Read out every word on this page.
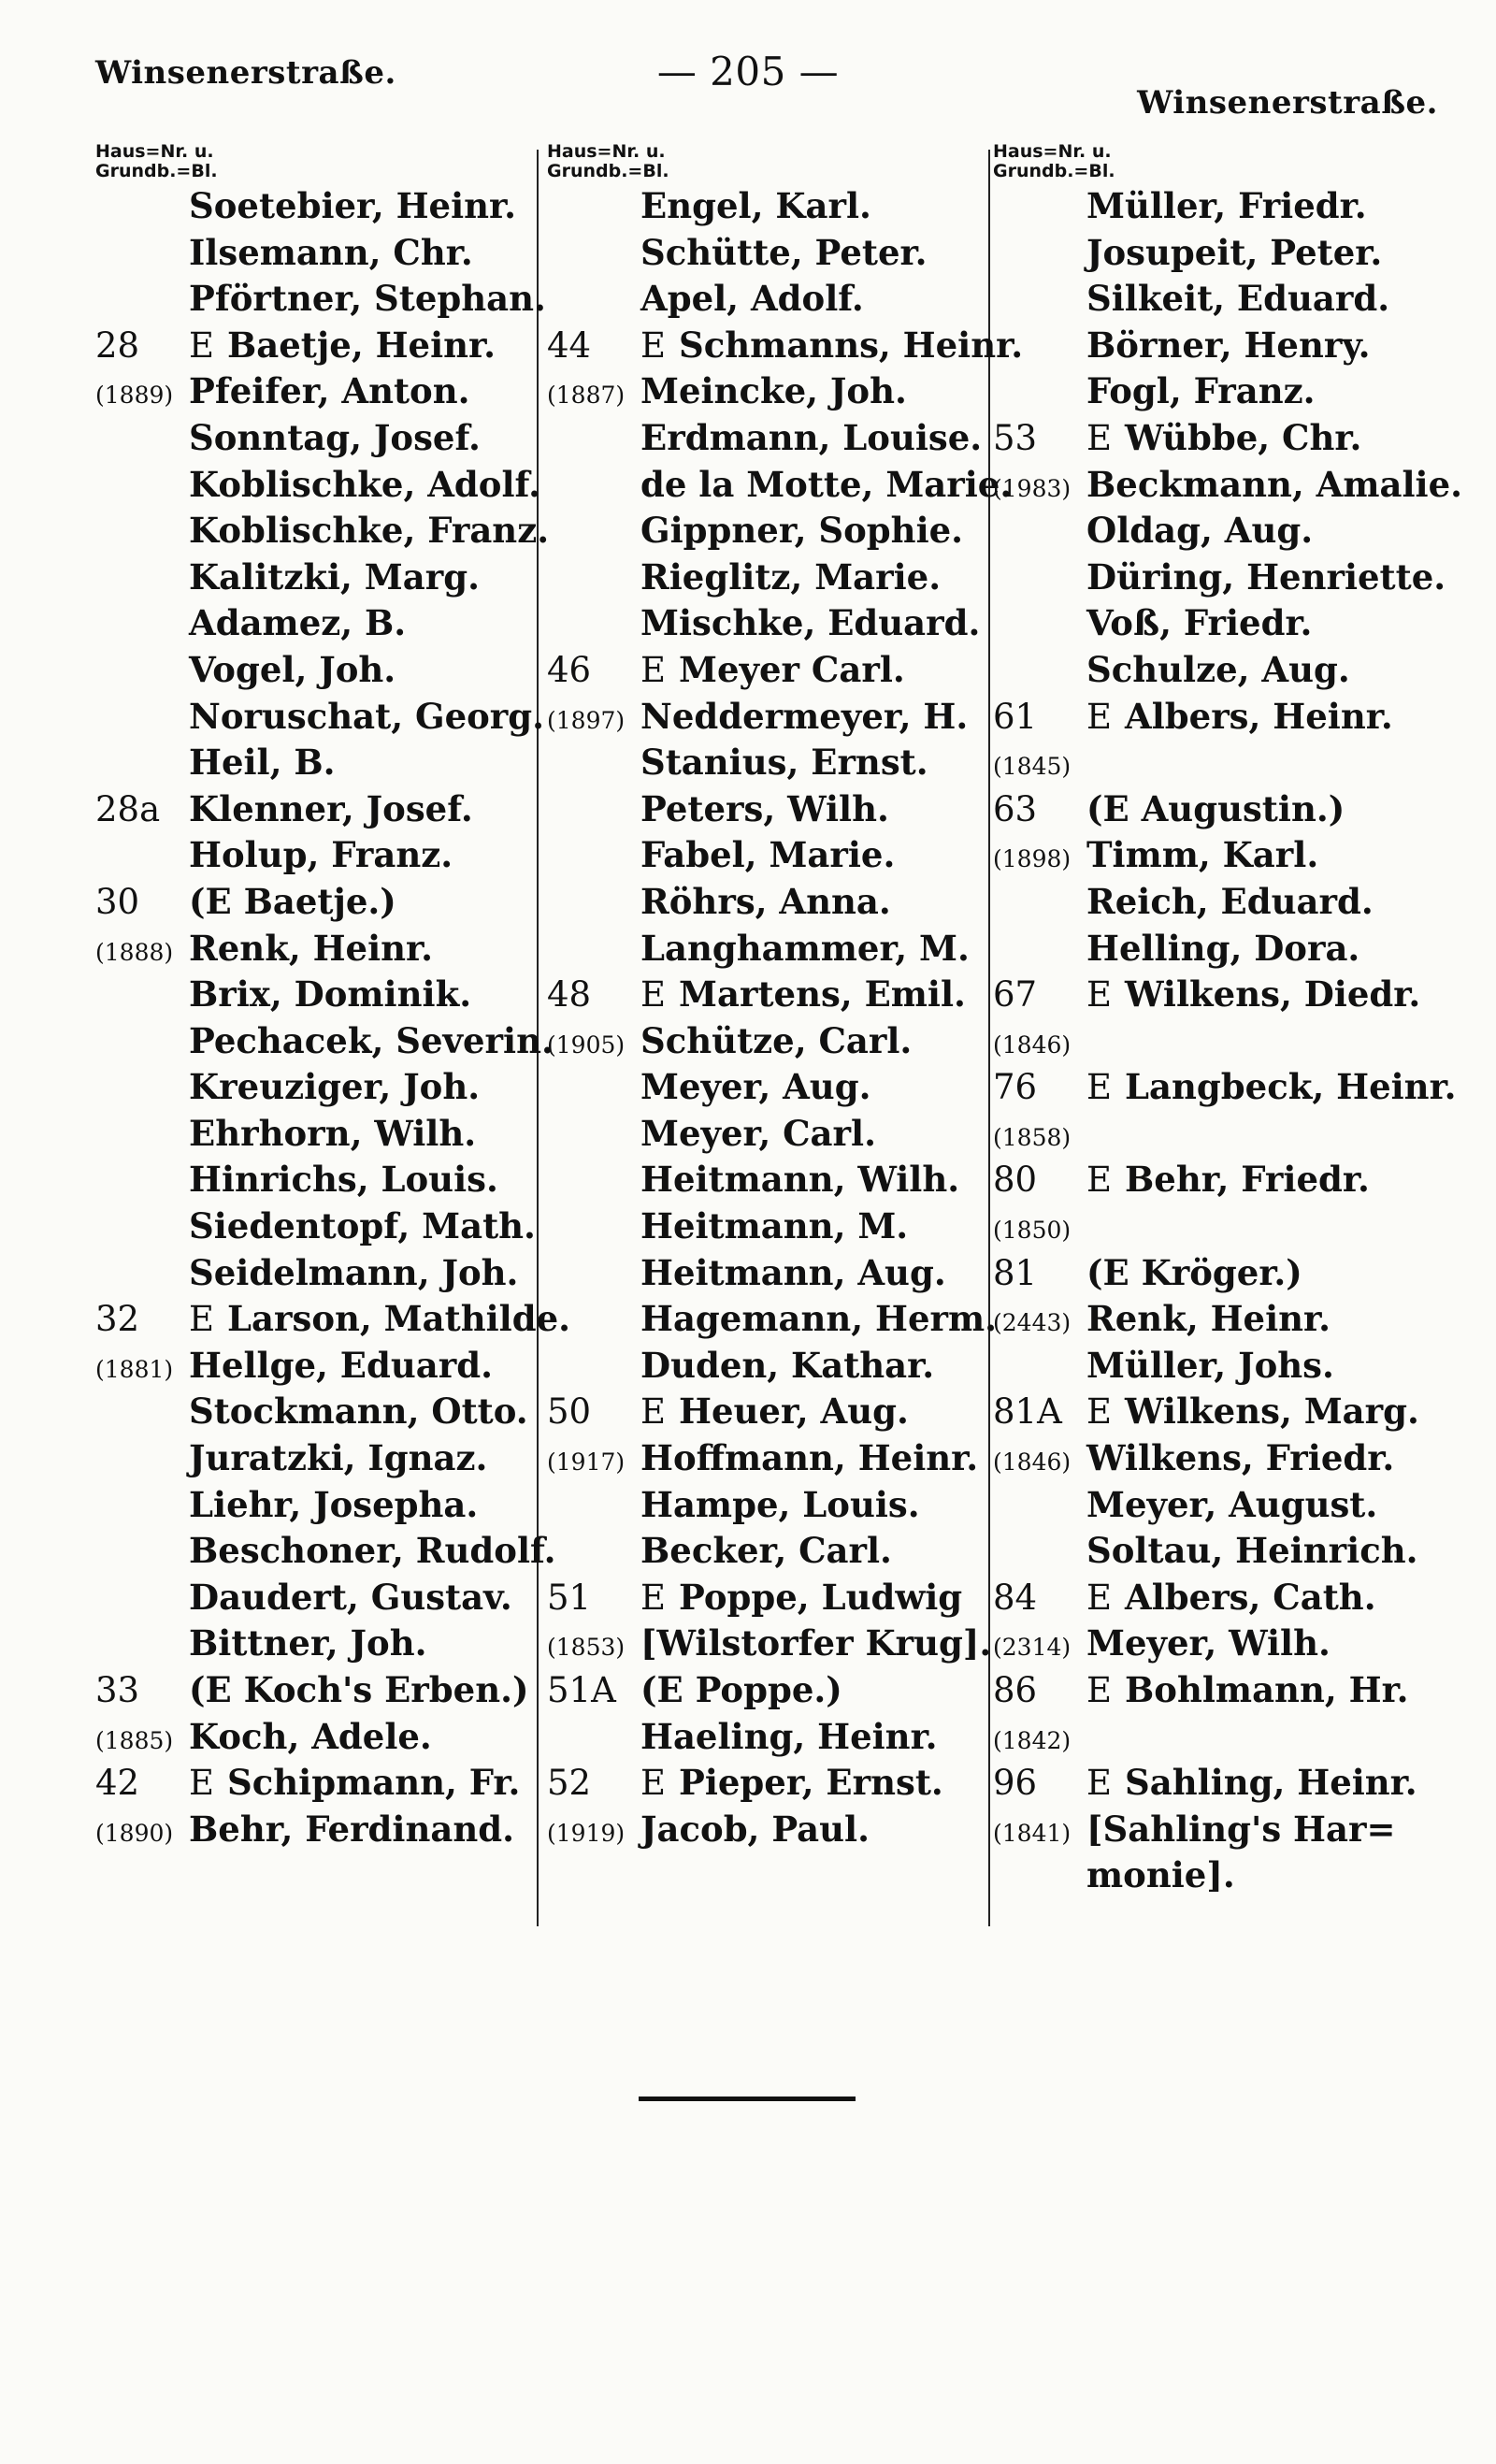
Winsenerstraße.	— 205 —
Winsenerstraße.
Haus=Nr. u.
Grundb.=Bl.
Soetebier, Heinr.
Ilsemann, Chr.
Pförtner, Stephan.
28 E Baetje, Heinr.
(1889) Pfeifer, Anton.
Sonntag, Josef.
Koblischke, Adolf.
Koblischke, Franz.
Kalitzki, Marg.
Adamez, B.
Vogel, Joh.
Noruschat, Georg.
Heil, B.
28a Klenner, Josef.
Holup, Franz.
30 (E Baetje.)
(1888) Renk, Heinr.
Brix, Dominik.
Pechacek, Severin.
Kreuziger, Joh.
Ehrhorn, Wilh.
Hinrichs, Louis.
Siedentopf, Math.
Seidelmann, Joh.
32 E Larson, Mathilde.
(1881) Hellge, Eduard.
Stockmann, Otto.
Juratzki, Ignaz.
Liehr, Josepha.
Beschoner, Rudolf.
Daudert, Gustav.
Bittner, Joh.
33 (E Koch's Erben.)
(1885) Koch, Adele.
42 E Schipmann, Fr.
(1890) Behr, Ferdinand.
Haus=Nr. u.
Grundb.=Bl.
Engel, Karl.
Schütte, Peter.
Apel, Adolf.
44 E Schmanns, Heinr.
(1887) Meincke, Joh.
Erdmann, Louise.
de la Motte, Marie.
Gippner, Sophie.
Rieglitz, Marie.
Mischke, Eduard.
46 E Meyer Carl.
(1897) Neddermeyer, H.
Stanius, Ernst.
Peters, Wilh.
Fabel, Marie.
Röhrs, Anna.
Langhammer, M.
48 E Martens, Emil.
(1905) Schütze, Carl.
Meyer, Aug.
Meyer, Carl.
Heitmann, Wilh.
Heitmann, M.
Heitmann, Aug.
Hagemann, Herm.
Duden, Kathar.
50 E Heuer, Aug.
(1917) Hoffmann, Heinr.
Hampe, Louis.
Becker, Carl.
51 E Poppe, Ludwig
(1853) [Wilstorfer Krug].
51A (E Poppe.)
Haeling, Heinr.
52 E Pieper, Ernst.
(1919) Jacob, Paul.
Haus=Nr. u.
Grundb.=Bl.
Müller, Friedr.
Josupeit, Peter.
Silkeit, Eduard.
Börner, Henry.
Fogl, Franz.
53 E Wübbe, Chr.
(1983) Beckmann, Amalie.
Oldag, Aug.
Düring, Henriette.
Voß, Friedr.
Schulze, Aug.
61 E Albers, Heinr.
(1845)
63 (E Augustin.)
(1898) Timm, Karl.
Reich, Eduard.
Helling, Dora.
67 E Wilkens, Diedr.
(1846)
76 E Langbeck, Heinr.
(1858)
80 E Behr, Friedr.
(1850)
81 (E Kröger.)
(2443) Renk, Heinr.
Müller, Johs.
81A E Wilkens, Marg.
(1846) Wilkens, Friedr.
Meyer, August.
Soltau, Heinrich.
84 E Albers, Cath.
(2314) Meyer, Wilh.
86 E Bohlmann, Hr.
(1842)
96 E Sahling, Heinr.
(1841) [Sahling's Har=
monie].
